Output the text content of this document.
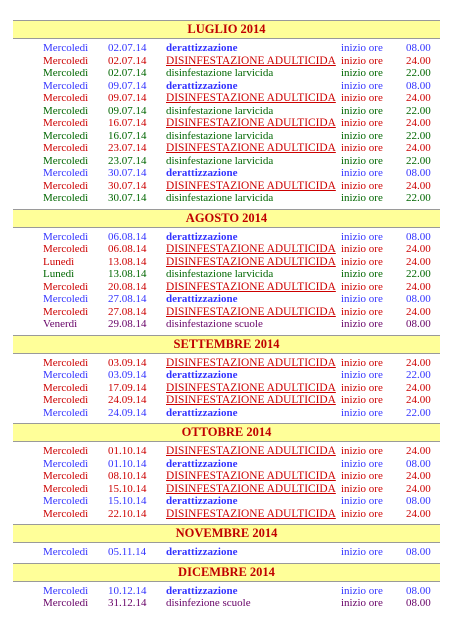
LUGLIO 2014
Mercoledì 02.07.14 derattizzazione	inizio ore 08.00
Mercoledì 02.07.14 DISINFESTAZIONE ADULTICIDA inizio ore 24.00
Mercoledì 02.07.14 disinfestazione larvicida	inizio ore 22.00
Mercoledì 09.07.14 derattizzazione	inizio ore 08.00
Mercoledì 09.07.14 DISINFESTAZIONE ADULTICIDA inizio ore 24.00
Mercoledì 09.07.14 disinfestazione larvicida	inizio ore 22.00
Mercoledì 16.07.14 DISINFESTAZIONE ADULTICIDA inizio ore 24.00
Mercoledì 16.07.14 disinfestazione larvicida	inizio ore 22.00
Mercoledì 23.07.14 DISINFESTAZIONE ADULTICIDA inizio ore 24.00
Mercoledì 23.07.14 disinfestazione larvicida	inizio ore 22.00
Mercoledì 30.07.14 derattizzazione	inizio ore 08.00
Mercoledì 30.07.14 DISINFESTAZIONE ADULTICIDA inizio ore 24.00
Mercoledì 30.07.14 disinfestazione larvicida	inizio ore 22.00
AGOSTO 2014
Mercoledì 06.08.14 derattizzazione	inizio ore 08.00
Mercoledì 06.08.14 DISINFESTAZIONE ADULTICIDA inizio ore 24.00
Lunedì	13.08.14 DISINFESTAZIONE ADULTICIDA inizio ore 24.00
Lunedì	13.08.14 disinfestazione larvicida	inizio ore 22.00
Mercoledì 20.08.14 DISINFESTAZIONE ADULTICIDA inizio ore 24.00
Mercoledì 27.08.14 derattizzazione	inizio ore 08.00
Mercoledì 27.08.14 DISINFESTAZIONE ADULTICIDA inizio ore 24.00
Venerdì	29.08.14 disinfestazione scuole	inizio ore 08.00
SETTEMBRE 2014
Mercoledì 03.09.14 DISINFESTAZIONE ADULTICIDA inizio ore 24.00
Mercoledì 03.09.14 derattizzazione	inizio ore 22.00
Mercoledì 17.09.14 DISINFESTAZIONE ADULTICIDA inizio ore 24.00
Mercoledì 24.09.14 DISINFESTAZIONE ADULTICIDA inizio ore 24.00
Mercoledì 24.09.14 derattizzazione	inizio ore 22.00
OTTOBRE 2014
Mercoledì 01.10.14 DISINFESTAZIONE ADULTICIDA inizio ore 24.00
Mercoledì 01.10.14 derattizzazione	inizio ore 08.00
Mercoledì 08.10.14 DISINFESTAZIONE ADULTICIDA inizio ore 24.00
Mercoledì 15.10.14 DISINFESTAZIONE ADULTICIDA inizio ore 24.00
Mercoledì 15.10.14 derattizzazione	inizio ore 08.00
Mercoledì 22.10.14 DISINFESTAZIONE ADULTICIDA inizio ore 24.00
NOVEMBRE 2014
Mercoledì 05.11.14 derattizzazione	inizio ore 08.00
DICEMBRE 2014
Mercoledì 10.12.14 derattizzazione	inizio ore 08.00
Mercoledì 31.12.14 disinfezione scuole	inizio ore 08.00
